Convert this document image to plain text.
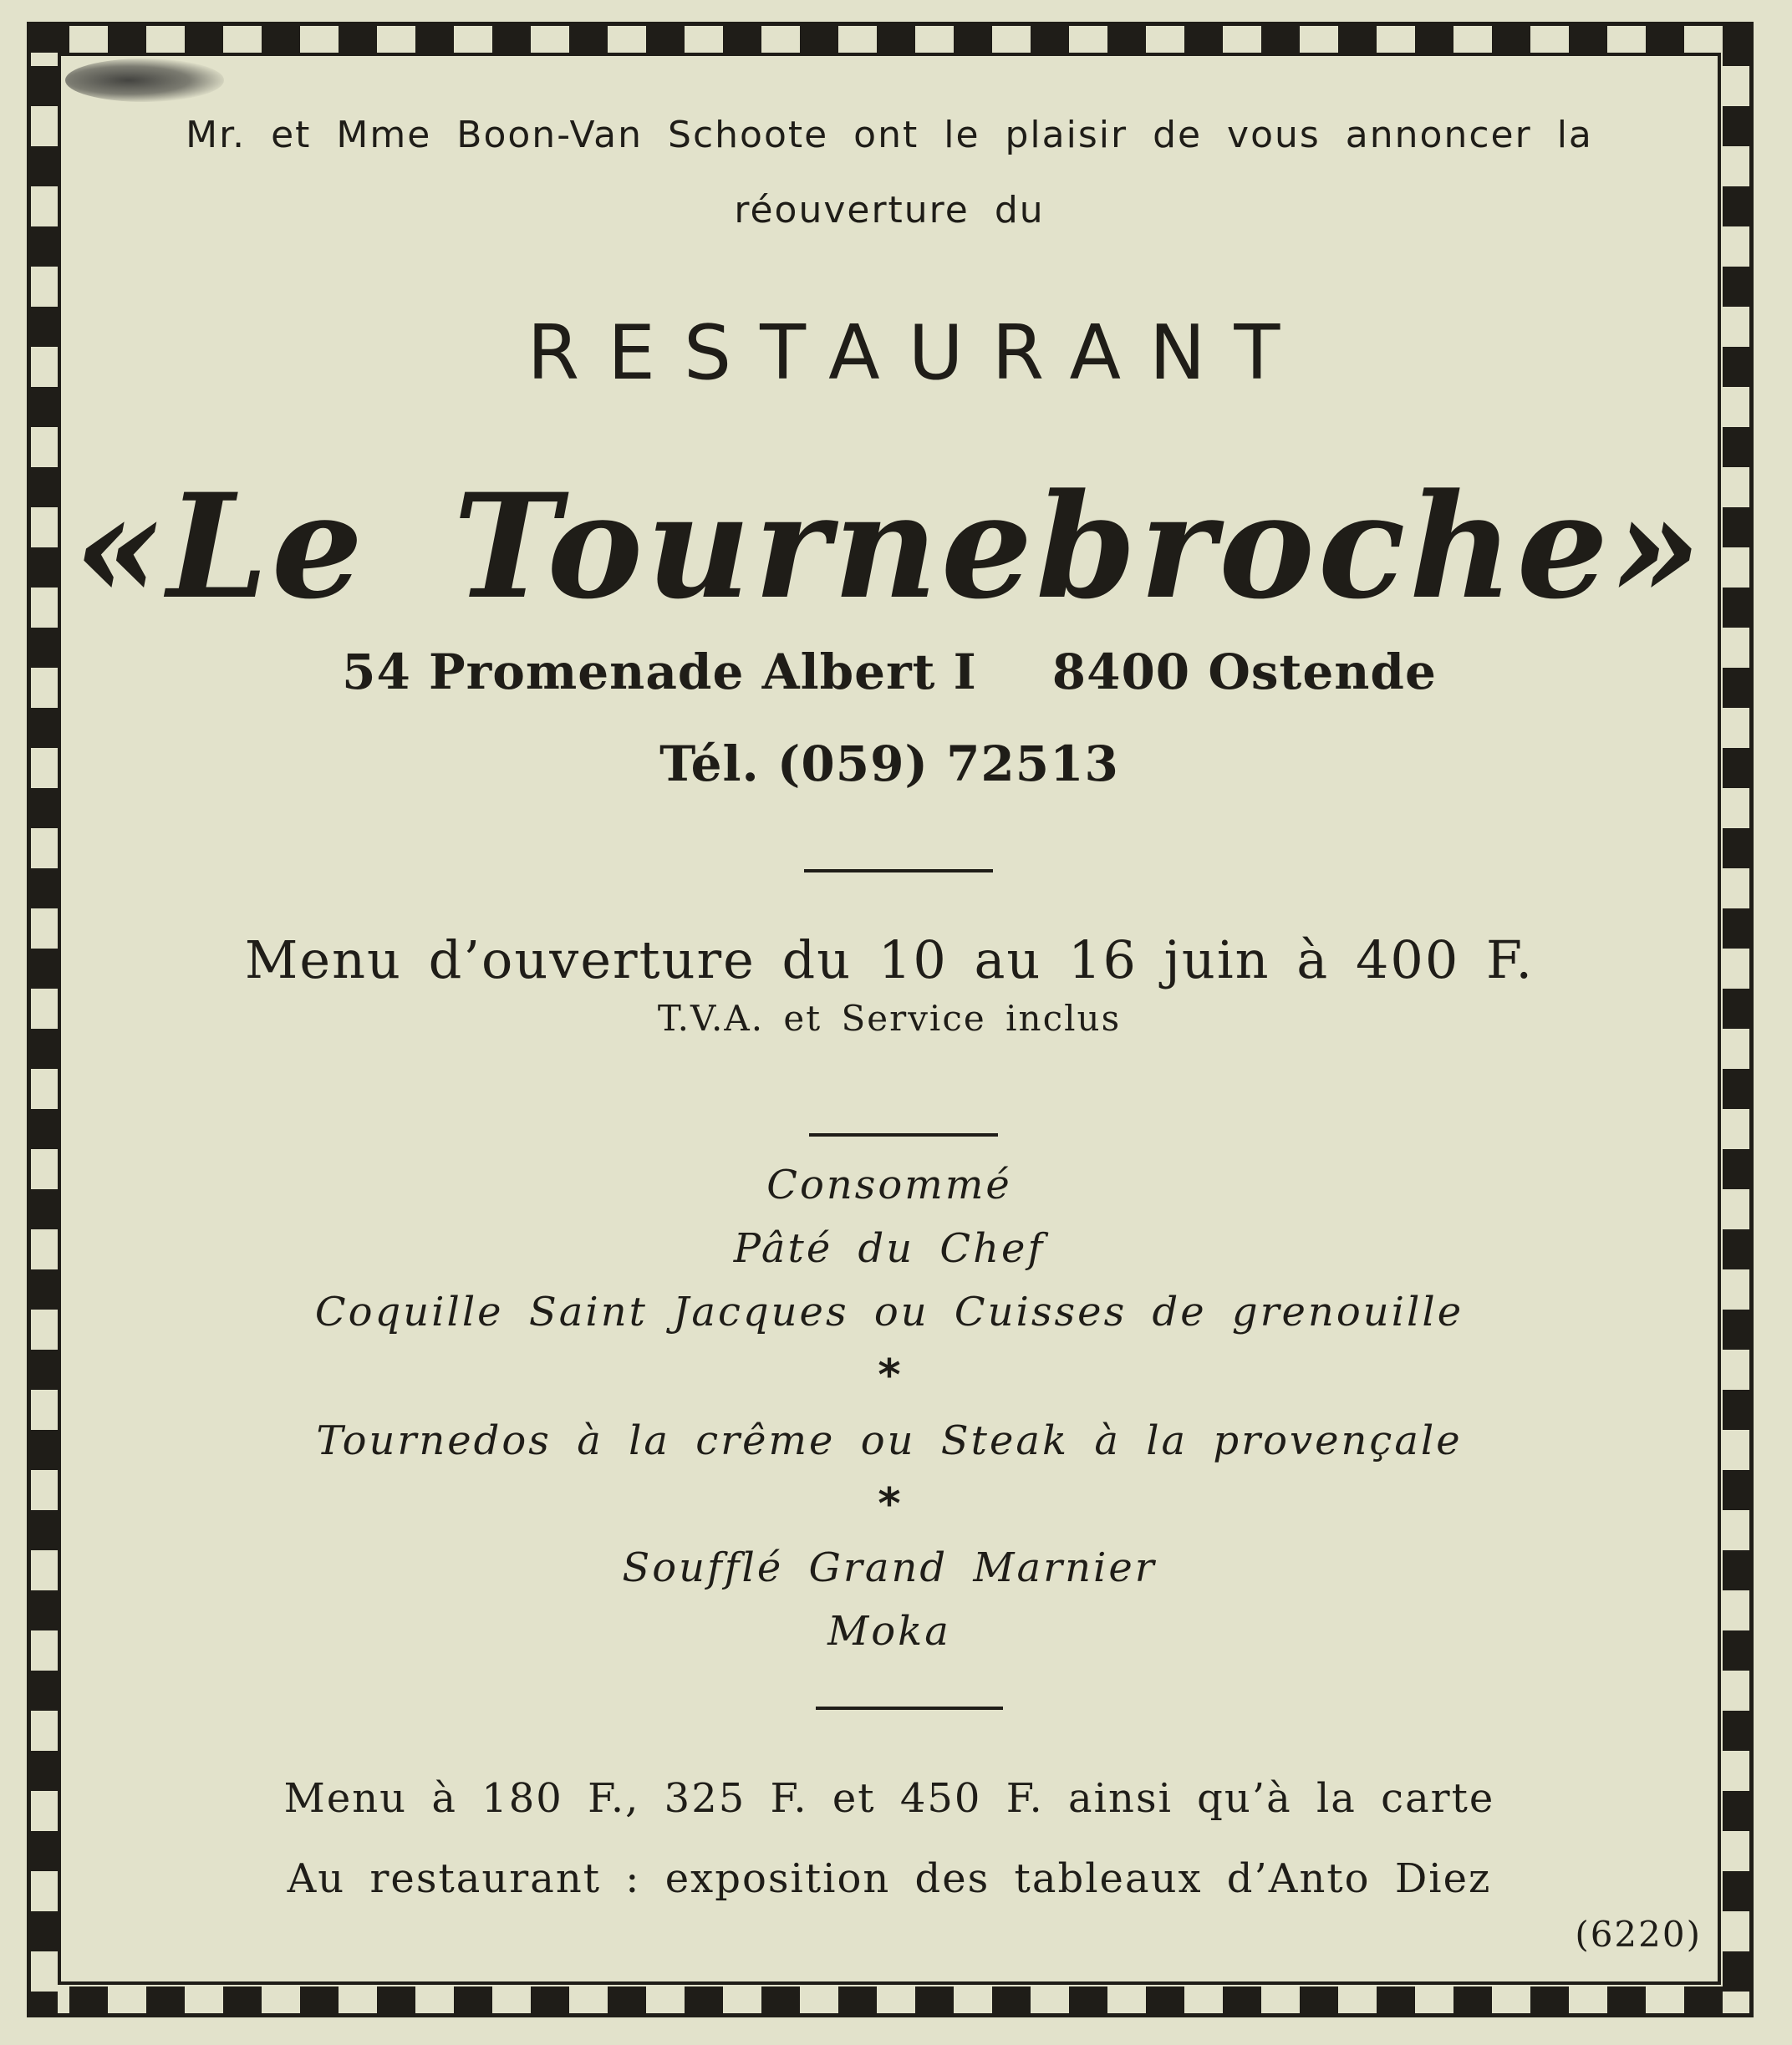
Mr. et Mme Boon-Van Schoote ont le plaisir de vous annoncer la
réouverture du
RESTAURANT
«Le Tournebroche»
54 Promenade Albert I 8400 Ostende
Tél. (059) 72513
Menu d’ouverture du 10 au 16 juin à 400 F.
T.V.A. et Service inclus
Consommé
Pâté du Chef
Coquille Saint Jacques ou Cuisses de grenouille
*
Tournedos à la crême ou Steak à la provençale
*
Soufflé Grand Marnier
Moka
Menu à 180 F., 325 F. et 450 F. ainsi qu’à la carte
Au restaurant : exposition des tableaux d’Anto Diez
(6220)
